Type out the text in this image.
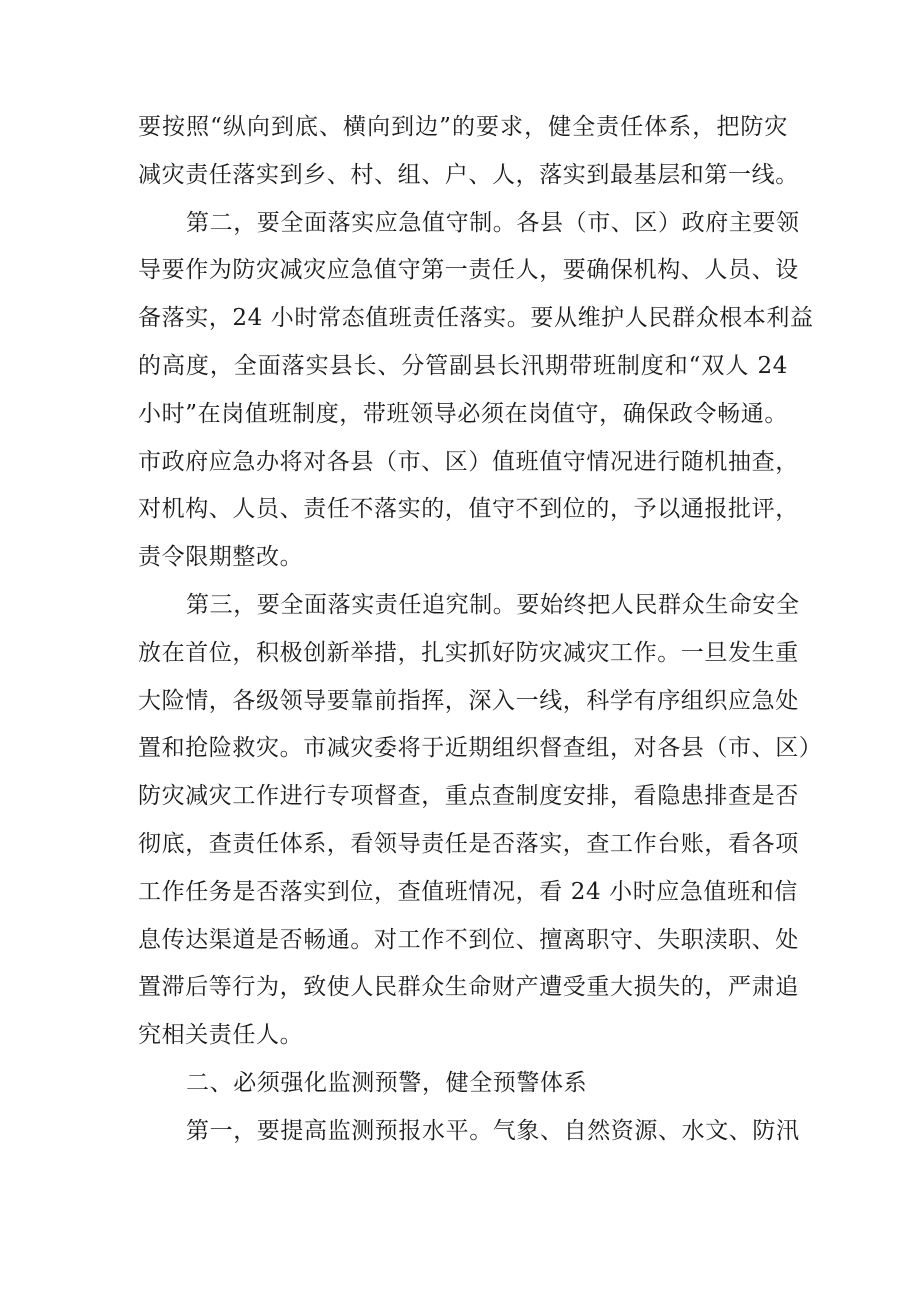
要按照“纵向到底、横向到边”的要求，健全责任体系，把防灾
减灾责任落实到乡、村、组、户、人，落实到最基层和第一线。
第二，要全面落实应急值守制。各县（市、区）政府主要领
导要作为防灾减灾应急值守第一责任人，要确保机构、人员、设
备落实，24 小时常态值班责任落实。要从维护人民群众根本利益
的高度，全面落实县长、分管副县长汛期带班制度和“双人 24
小时”在岗值班制度，带班领导必须在岗值守，确保政令畅通。
市政府应急办将对各县（市、区）值班值守情况进行随机抽查，
对机构、人员、责任不落实的，值守不到位的，予以通报批评，
责令限期整改。
第三，要全面落实责任追究制。要始终把人民群众生命安全
放在首位，积极创新举措，扎实抓好防灾减灾工作。一旦发生重
大险情，各级领导要靠前指挥，深入一线，科学有序组织应急处
置和抢险救灾。市减灾委将于近期组织督查组，对各县（市、区）
防灾减灾工作进行专项督查，重点查制度安排，看隐患排查是否
彻底，查责任体系，看领导责任是否落实，查工作台账，看各项
工作任务是否落实到位，查值班情况，看 24 小时应急值班和信
息传达渠道是否畅通。对工作不到位、擅离职守、失职渎职、处
置滞后等行为，致使人民群众生命财产遭受重大损失的，严肃追
究相关责任人。
二、必须强化监测预警，健全预警体系
第一，要提高监测预报水平。气象、自然资源、水文、防汛
